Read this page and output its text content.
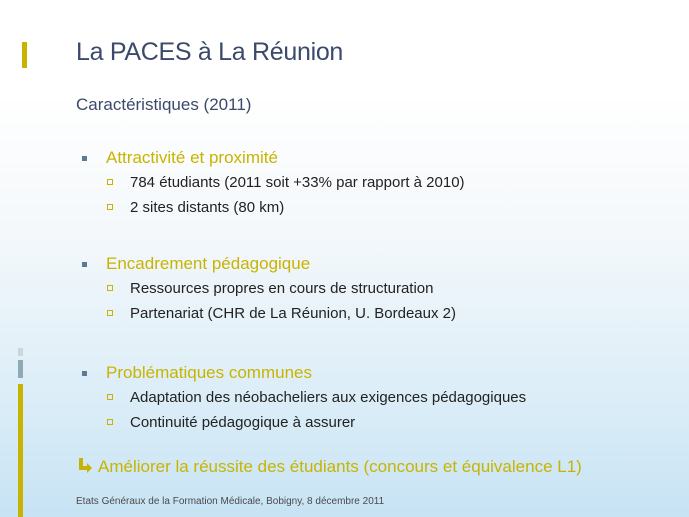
La PACES à La Réunion
Caractéristiques (2011)
Attractivité et proximité
784 étudiants (2011 soit +33% par rapport à 2010)
2 sites distants (80 km)
Encadrement pédagogique
Ressources propres en cours de structuration
Partenariat (CHR de La Réunion, U. Bordeaux 2)
Problématiques communes
Adaptation des néobacheliers aux exigences pédagogiques
Continuité pédagogique à assurer
Améliorer la réussite des étudiants (concours et équivalence L1)
Etats Généraux de la Formation Médicale, Bobigny, 8 décembre 2011
